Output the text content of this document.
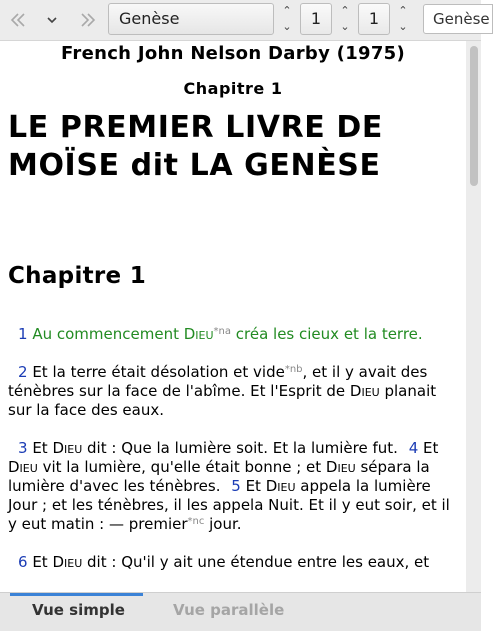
Genèse	⌃
⌄	1	⌃
⌄	1	⌃
⌄	Genèse
French John Nelson Darby (1975)
Chapitre 1
LE PREMIER LIVRE DE MOÏSE dit LA GENÈSE
Chapitre 1
1 Au commencement Dieu$^{*na}$ créa les cieux et la terre.
2 Et la terre était désolation et vide$^{*nb}$, et il y avait des ténèbres sur la face de l'abîme. Et l'Esprit de Dieu planait sur la face des eaux.
3 Et Dieu dit : Que la lumière soit. Et la lumière fut. 4 Et Dieu vit la lumière, qu'elle était bonne ; et Dieu sépara la lumière d'avec les ténèbres. 5 Et Dieu appela la lumière Jour ; et les ténèbres, il les appela Nuit. Et il y eut soir, et il y eut matin : — premier$^{*nc}$ jour.
6 Et Dieu dit : Qu'il y ait une étendue entre les eaux, et
Vue simple	Vue parallèle
